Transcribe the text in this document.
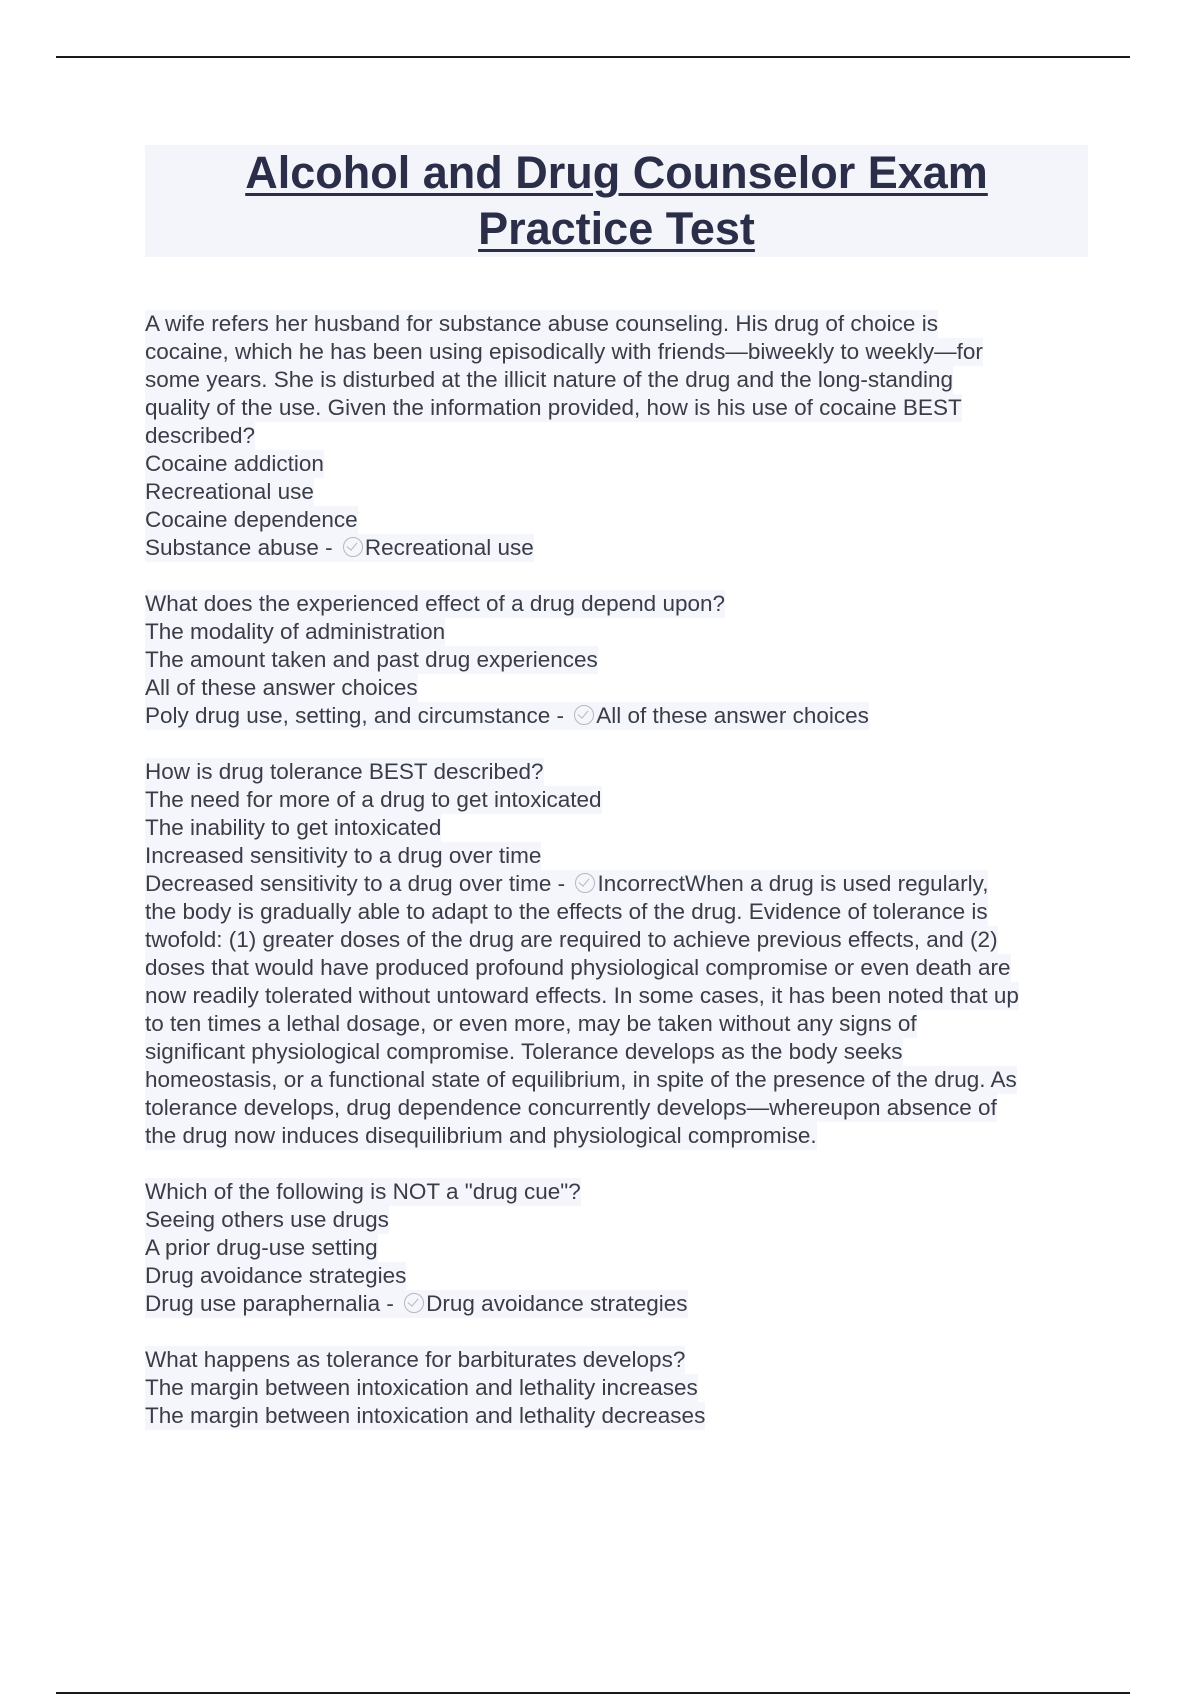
Alcohol and Drug Counselor Exam
Practice Test
A wife refers her husband for substance abuse counseling. His drug of choice is
cocaine, which he has been using episodically with friends—biweekly to weekly—for
some years. She is disturbed at the illicit nature of the drug and the long-standing
quality of the use. Given the information provided, how is his use of cocaine BEST
described?
Cocaine addiction
Recreational use
Cocaine dependence
Substance abuse - Recreational use
What does the experienced effect of a drug depend upon?
The modality of administration
The amount taken and past drug experiences
All of these answer choices
Poly drug use, setting, and circumstance - All of these answer choices
How is drug tolerance BEST described?
The need for more of a drug to get intoxicated
The inability to get intoxicated
Increased sensitivity to a drug over time
Decreased sensitivity to a drug over time - IncorrectWhen a drug is used regularly,
the body is gradually able to adapt to the effects of the drug. Evidence of tolerance is
twofold: (1) greater doses of the drug are required to achieve previous effects, and (2)
doses that would have produced profound physiological compromise or even death are
now readily tolerated without untoward effects. In some cases, it has been noted that up
to ten times a lethal dosage, or even more, may be taken without any signs of
significant physiological compromise. Tolerance develops as the body seeks
homeostasis, or a functional state of equilibrium, in spite of the presence of the drug. As
tolerance develops, drug dependence concurrently develops—whereupon absence of
the drug now induces disequilibrium and physiological compromise.
Which of the following is NOT a "drug cue"?
Seeing others use drugs
A prior drug-use setting
Drug avoidance strategies
Drug use paraphernalia - Drug avoidance strategies
What happens as tolerance for barbiturates develops?
The margin between intoxication and lethality increases
The margin between intoxication and lethality decreases
